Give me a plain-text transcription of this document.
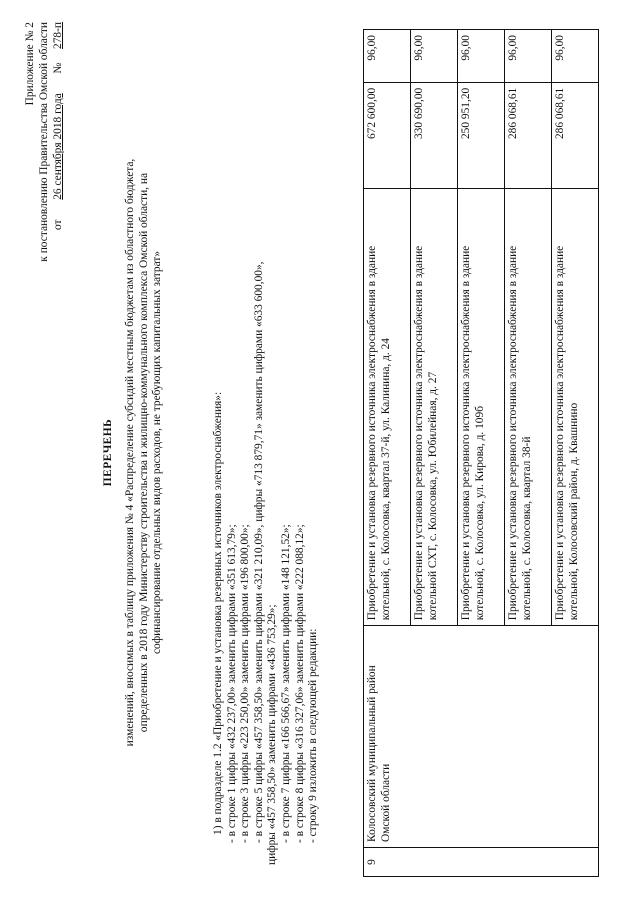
Приложение № 2 к постановлению Правительства Омской области от  26 сентября 2018 года  №  278-п
ПЕРЕЧЕНЬ изменений, вносимых в таблицу приложения № 4 «Распределение субсидий местным бюджетам из областного бюджета, определенных в 2018 году Министерству строительства и жилищно-коммунального комплекса Омской области, на софинансирование отдельных видов расходов, не требующих капитальных затрат»	1) в подразделе 1.2 «Приобретение и установка резервных источников электроснабжения»: - в строке 1 цифры «432 237,00» заменить цифрами «351 613,79»; - в строке 3 цифры «223 250,00» заменить цифрами «196 800,00»; - в строке 5 цифры «457 358,50» заменить цифрами «321 210,09», цифры «713 879,71» заменить цифрами «633 600,00», цифры «457 358,50» заменить цифрами «436 753,29»; - в строке 7 цифры «166 566,67» заменить цифрами «148 121,52»; - в строке 8 цифры «316 327,06» заменить цифрами «222 088,12»; - строку 9 изложить в следующей редакции:
9	Колосовский муниципальный район Омской области	Приобретение и установка резервного источника электроснабжения в здание котельной, с. Колосовка, квартал 37-й, ул. Калинина, д. 24	672 600,00	96,00
		Приобретение и установка резервного источника электроснабжения в здание котельной СХТ, с. Колосовка, ул. Юбилейная, д. 27	330 690,00	96,00
		Приобретение и установка резервного источника электроснабжения в здание котельной, с. Колосовка, ул. Кирова, д. 109б	250 951,20	96,00
		Приобретение и установка резервного источника электроснабжения в здание котельной, с. Колосовка, квартал 38-й	286 068,61	96,00
		Приобретение и установка резервного источника электроснабжения в здание котельной, Колосовский район, д. Квашнино	286 068,61	96,00
